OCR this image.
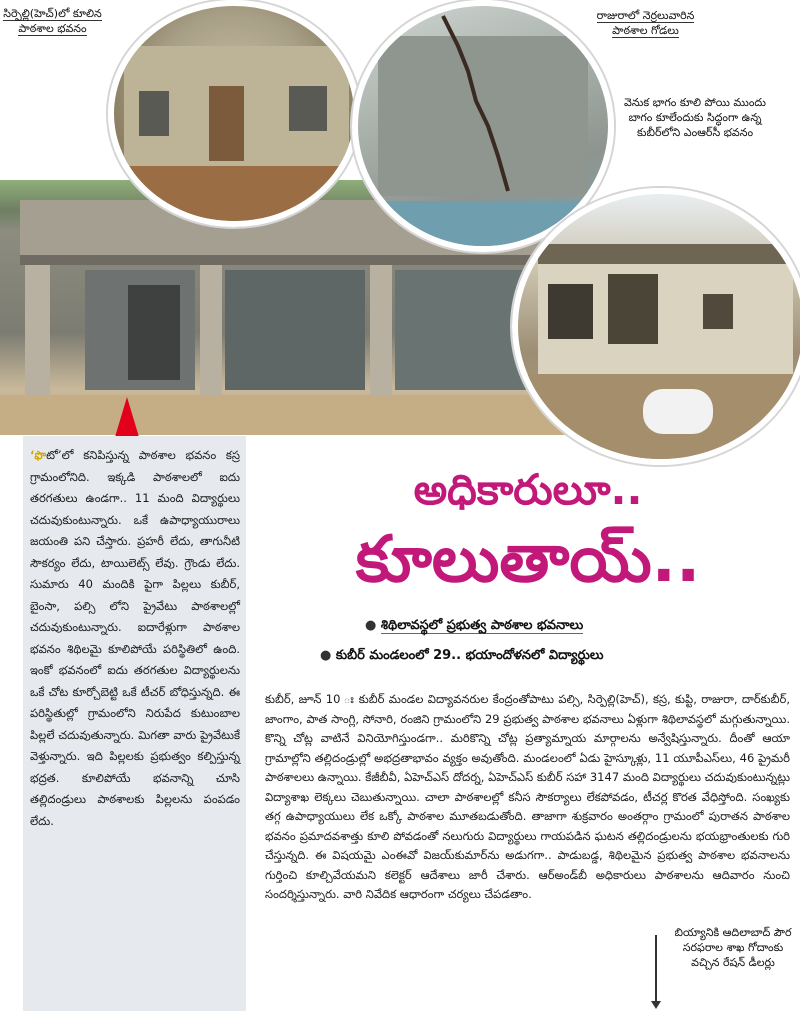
సిర్పెల్లి(హెచ్)లో కూలిన పాఠశాల భవనం
రాజురాలో నెర్రలువారిన పాఠశాల గోడలు
వెనుక భాగం కూలి పోయి ముందు బాగం కూలేందుకు సిద్ధంగా ఉన్న కుబీర్‌లోని ఎంఆర్‌సీ భవనం
బియ్యానికి ఆదిలాబాద్ పౌర సరఫరాల శాఖ గోదాంకు వచ్చిన రేషన్ డీలర్లు
‘ఫొటో’లో కనిపిస్తున్న పాఠశాల భవనం కస్ర గ్రామంలోనిది. ఇక్కడి పాఠశాలలో ఐదు తరగతులు ఉండగా.. 11 మంది విద్యార్థులు చదువుకుంటున్నారు. ఒకే ఉపాధ్యాయురాలు జయంతి పని చేస్తారు. ప్రహరీ లేదు, తాగునీటి సౌకర్యం లేదు, టాయిలెట్స్ లేవు. గ్రౌండు లేదు. సుమారు 40 మందికి పైగా పిల్లలు కుబీర్, బైంసా, పల్సి లోని ప్రైవేటు పాఠశాలల్లో చదువుకుంటున్నారు. ఐదారేళ్లుగా పాఠశాల భవనం శిథిలమై కూలిపోయే పరిస్థితిలో ఉంది. ఇంకో భవనంలో ఐదు తరగతుల విద్యార్థులను ఒకే చోట కూర్చోబెట్టి ఒకే టీచర్ బోధిస్తున్నది. ఈ పరిస్థితుల్లో గ్రామంలోని నిరుపేద కుటుంబాల పిల్లలే చదువుతున్నారు. మిగతా వారు ప్రైవేటుకే వెళ్తున్నారు. ఇది పిల్లలకు ప్రభుత్వం కల్పిస్తున్న భద్రత. కూలిపోయే భవనాన్ని చూసి తల్లిదండ్రులు పాఠశాలకు పిల్లలను పంపడం లేదు.
అధికారులూ..
కూలుతాయ్..
● శిథిలావస్థలో ప్రభుత్వ పాఠశాల భవనాలు
● కుబీర్ మండలంలో 29.. భయాందోళనలో విద్యార్థులు
కుబీర్, జూన్ 10 ః కుబీర్ మండల విద్యావనరుల కేంద్రంతోపాటు పల్సి, సిర్పెల్లి(హెచ్), కస్ర, కుప్టి, రాజురా, దార్‌కుబీర్, జాంగాం, పాత సాంగ్లి, సోనారి, రంజిని గ్రామంలోని 29 ప్రభుత్వ పాఠశాల భవనాలు ఏళ్లుగా శిథిలావస్థలో మగ్గుతున్నాయి. కొన్ని చోట్ల వాటినే వినియోగిస్తుండగా.. మరికొన్ని చోట్ల ప్రత్యామ్నాయ మార్గాలను అన్వేషిస్తున్నారు. దీంతో ఆయా గ్రామాల్లోని తల్లిదండ్రుల్లో అభద్రతాభావం వ్యక్తం అవుతోంది. మండలంలో ఏడు హైస్కూళ్లు, 11 యూపీఎస్‌లు, 46 ప్రైమరీ పాఠశాలలు ఉన్నాయి. కేజీబీవీ, ఏహెచ్‌ఎస్ దోదర్న, ఏహెచ్‌ఎస్ కుబీర్ సహా 3147 మంది విద్యార్థులు చదువుకుంటున్నట్లు విద్యాశాఖ లెక్కలు చెబుతున్నాయి. చాలా పాఠశాలల్లో కనీస సౌకర్యాలు లేకపోవడం, టీచర్ల కొరత వేధిస్తోంది. సంఖ్యకు తగ్గ ఉపాధ్యాయులు లేక ఒక్కో పాఠశాల మూతబడుతోంది. తాజాగా శుక్రవారం అంతర్గాం గ్రామంలో పురాతన పాఠశాల భవనం ప్రమాదవశాత్తు కూలి పోవడంతో నలుగురు విద్యార్థులు గాయపడిన ఘటన తల్లిదండ్రులను భయభ్రాంతులకు గురి చేస్తున్నది. ఈ విషయమై ఎంఈవో విజయ్‌కుమార్‌ను అడుగగా.. పాడుబడ్డ, శిథిలమైన ప్రభుత్వ పాఠశాల భవనాలను గుర్తించి కూల్చివేయమని కలెక్టర్ ఆదేశాలు జారీ చేశారు. ఆర్‌అండ్‌బీ అధికారులు పాఠశాలను ఆదివారం నుంచి సందర్శిస్తున్నారు. వారి నివేదిక ఆధారంగా చర్యలు చేపడతాం.
